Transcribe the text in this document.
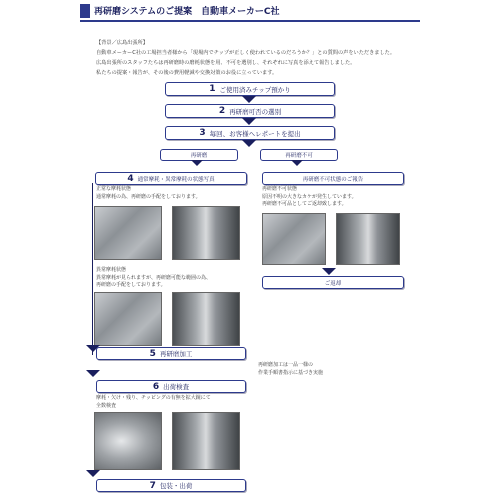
再研磨システムのご提案　自動車メーカーC社
【背景／広島出張所】
自動車メーカーC社の工場担当者様から「現場内でチップが正しく使われているのだろうか？」との質問の声をいただきました。
広島出張所のスタッフたちは再研磨時の磨耗状態を用、不可を選別し、それぞれに写真を添えて報告しました。
私たちの提案・報告が、その後の費用軽減や交換対策のお役に立っています。
1 ご使用済みチップ預かり
2 再研磨可否の選別
3 毎回、お客様へレポートを提出
再研磨	再研磨不可
4 通常摩耗・異常摩耗の状態写真	再研磨不可状態のご報告
正常な摩耗状態
通常摩耗の為、再研磨の手配をしております。
再研磨不可状態
原因不明の大きなカケが発生しています。
再研磨不可品としてご返却致します。
ご返却
異常摩耗状態
異常摩耗が見られますが、再研磨可能な範囲の為、
再研磨の手配をしております。
5 再研磨加工
再研磨加工は一品一様の
作業手順書指示に基づき実施
6 出荷検査
摩耗・欠け・残り、チッピングの有無を拡大鏡にて
全数検査
7 包装・出荷
